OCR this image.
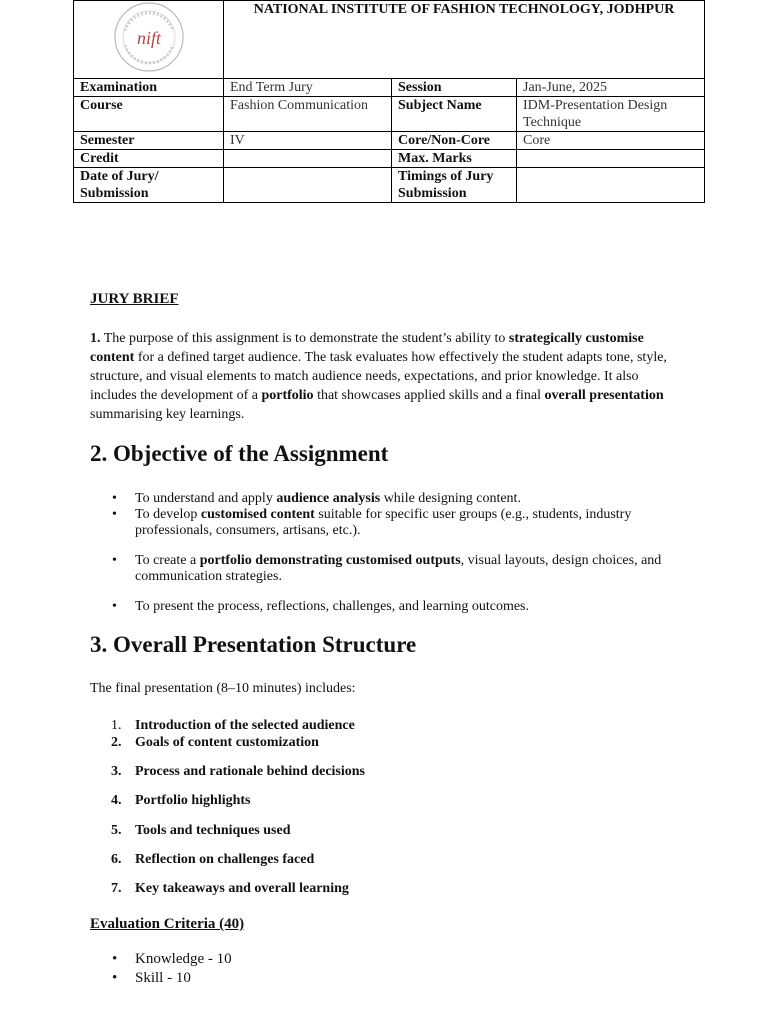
nift	NATIONAL INSTITUTE OF FASHION TECHNOLOGY, JODHPUR		
Examination	End Term Jury	Session	Jan-June, 2025
Course	Fashion Communication	Subject Name	IDM-Presentation Design Technique
Semester	IV	Core/Non-Core	Core
Credit		Max. Marks	
Date of Jury/ Submission		Timings of Jury Submission	
JURY BRIEF

1. The purpose of this assignment is to demonstrate the student’s ability to strategically customise content for a defined target audience. The task evaluates how effectively the student adapts tone, style, structure, and visual elements to match audience needs, expectations, and prior knowledge. It also includes the development of a portfolio that showcases applied skills and a final overall presentation summarising key learnings.

2. Objective of the Assignment
• To understand and apply audience analysis while designing content.
• To develop customised content suitable for specific user groups (e.g., students, industry professionals, consumers, artisans, etc.).
• To create a portfolio demonstrating customised outputs, visual layouts, design choices, and communication strategies.
• To present the process, reflections, challenges, and learning outcomes.
3. Overall Presentation Structure
The final presentation (8–10 minutes) includes:
1. Introduction of the selected audience
2. Goals of content customization
3. Process and rationale behind decisions
4. Portfolio highlights
5. Tools and techniques used
6. Reflection on challenges faced
7. Key takeaways and overall learning
Evaluation Criteria (40)
• Knowledge - 10
• Skill - 10
